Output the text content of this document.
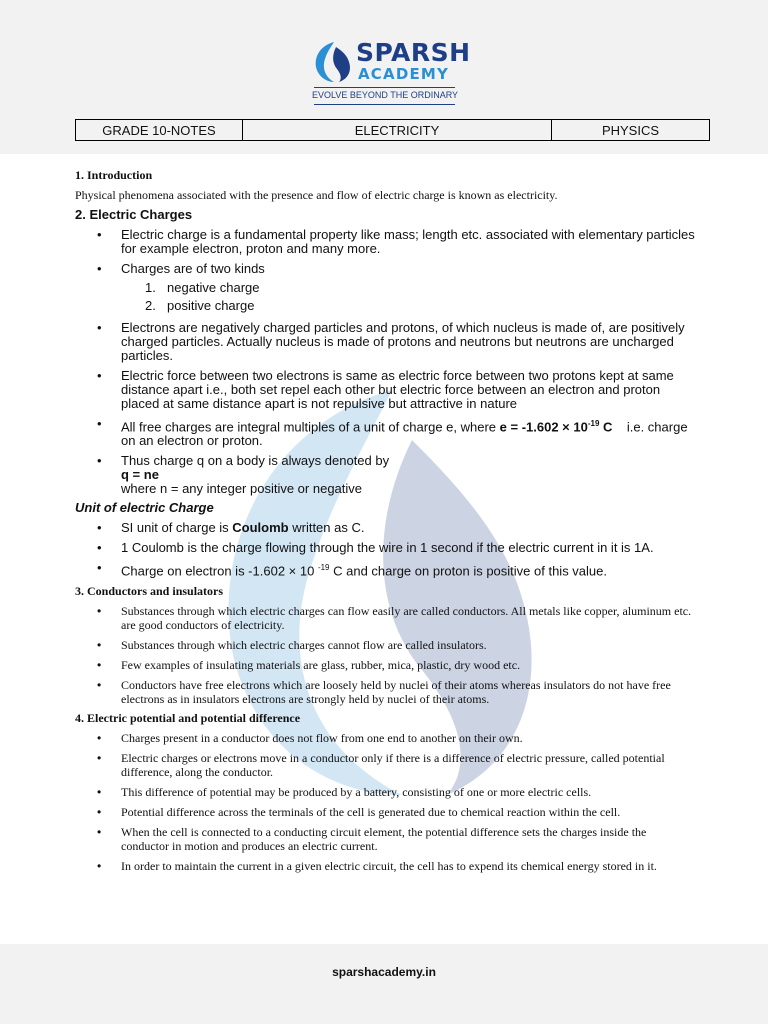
SPARSH
ACADEMY
EVOLVE BEYOND THE ORDINARY
GRADE 10-NOTES	ELECTRICITY	PHYSICS

1. Introduction

Physical phenomena associated with the presence and flow of electric charge is known as electricity.

2. Electric Charges

• Electric charge is a fundamental property like mass; length etc. associated with elementary particles for example electron, proton and many more.
• Charges are of two kinds
1. negative charge
2. positive charge
• Electrons are negatively charged particles and protons, of which nucleus is made of, are positively charged particles. Actually nucleus is made of protons and neutrons but neutrons are uncharged particles.
• Electric force between two electrons is same as electric force between two protons kept at same distance apart i.e., both set repel each other but electric force between an electron and proton placed at same distance apart is not repulsive but attractive in nature
• All free charges are integral multiples of a unit of charge e, where $e = -1.602 \times 10^{-19}$ C    i.e. charge on an electron or proton.
• Thus charge q on a body is always denoted by
q = ne
where n = any integer positive or negative

Unit of electric Charge

• SI unit of charge is Coulomb written as C.
• 1 Coulomb is the charge flowing through the wire in 1 second if the electric current in it is 1A.
• Charge on electron is -1.602 × 10 $^{-19}$ C and charge on proton is positive of this value.

3. Conductors and insulators

• Substances through which electric charges can flow easily are called conductors. All metals like copper, aluminum etc. are good conductors of electricity.
• Substances through which electric charges cannot flow are called insulators.
• Few examples of insulating materials are glass, rubber, mica, plastic, dry wood etc.
• Conductors have free electrons which are loosely held by nuclei of their atoms whereas insulators do not have free electrons as in insulators electrons are strongly held by nuclei of their atoms.

4. Electric potential and potential difference

• Charges present in a conductor does not flow from one end to another on their own.
• Electric charges or electrons move in a conductor only if there is a difference of electric pressure, called potential difference, along the conductor.
• This difference of potential may be produced by a battery, consisting of one or more electric cells.
• Potential difference across the terminals of the cell is generated due to chemical reaction within the cell.
• When the cell is connected to a conducting circuit element, the potential difference sets the charges inside the conductor in motion and produces an electric current.
• In order to maintain the current in a given electric circuit, the cell has to expend its chemical energy stored in it.
sparshacademy.in
